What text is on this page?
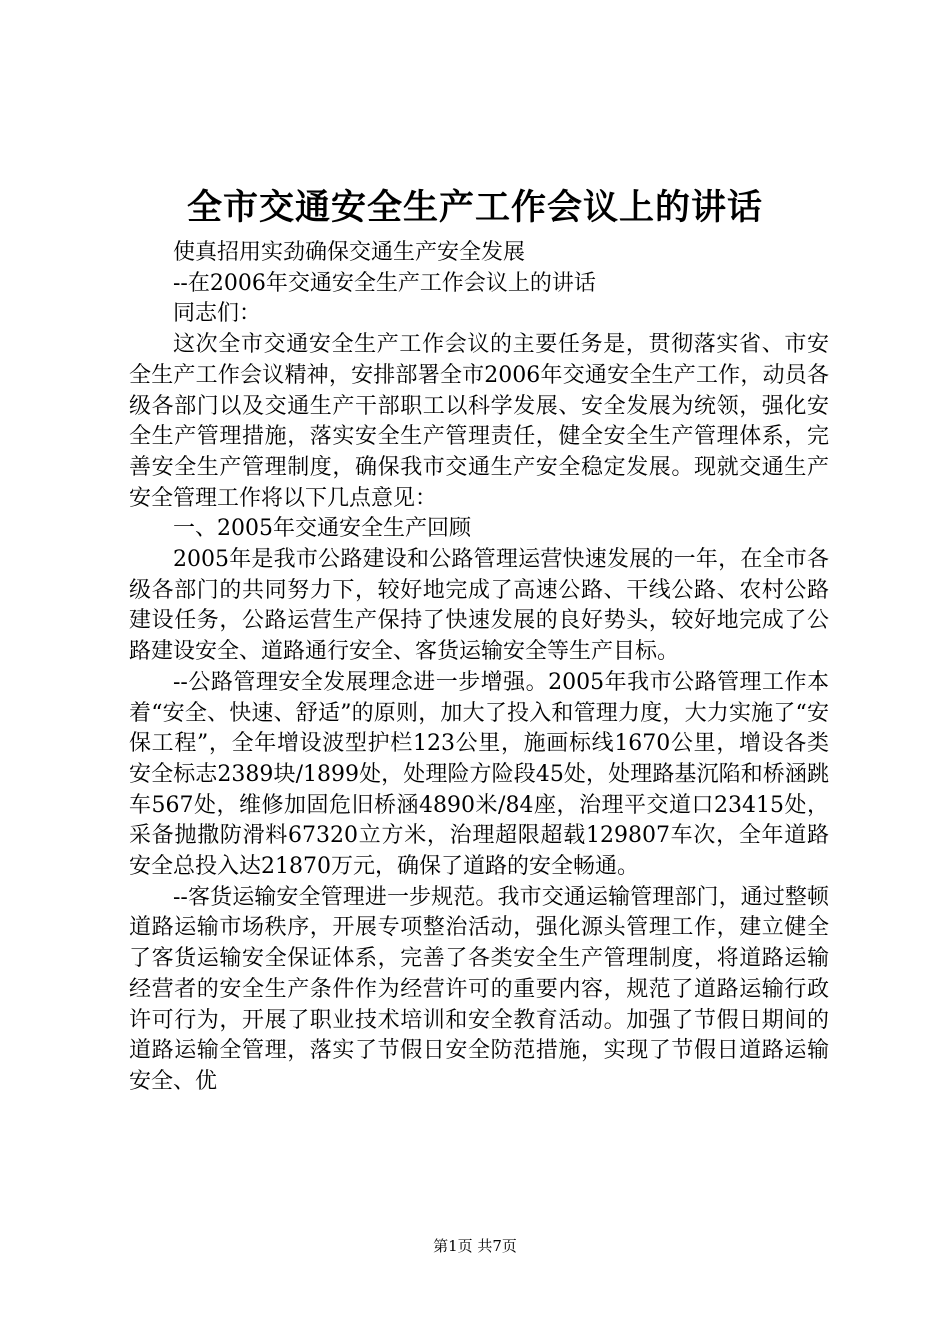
全市交通安全生产工作会议上的讲话

使真招用实劲确保交通生产安全发展

--在2006年交通安全生产工作会议上的讲话

同志们：

这次全市交通安全生产工作会议的主要任务是，贯彻落实省、市安全生产工作会议精神，安排部署全市2006年交通安全生产工作，动员各级各部门以及交通生产干部职工以科学发展、安全发展为统领，强化安全生产管理措施，落实安全生产管理责任，健全安全生产管理体系，完善安全生产管理制度，确保我市交通生产安全稳定发展。现就交通生产安全管理工作将以下几点意见：

一、2005年交通安全生产回顾

2005年是我市公路建设和公路管理运营快速发展的一年，在全市各级各部门的共同努力下，较好地完成了高速公路、干线公路、农村公路建设任务，公路运营生产保持了快速发展的良好势头，较好地完成了公路建设安全、道路通行安全、客货运输安全等生产目标。

--公路管理安全发展理念进一步增强。2005年我市公路管理工作本着“安全、快速、舒适”的原则，加大了投入和管理力度，大力实施了“安保工程”，全年增设波型护栏123公里，施画标线1670公里，增设各类安全标志2389块/1899处，处理险方险段45处，处理路基沉陷和桥涵跳车567处，维修加固危旧桥涵4890米/84座，治理平交道口23415处，采备抛撒防滑料67320立方米，治理超限超载129807车次，全年道路安全总投入达21870万元，确保了道路的安全畅通。

--客货运输安全管理进一步规范。我市交通运输管理部门，通过整顿道路运输市场秩序，开展专项整治活动，强化源头管理工作，建立健全了客货运输安全保证体系，完善了各类安全生产管理制度，将道路运输经营者的安全生产条件作为经营许可的重要内容，规范了道路运输行政许可行为，开展了职业技术培训和安全教育活动。加强了节假日期间的道路运输全管理，落实了节假日安全防范措施，实现了节假日道路运输安全、优

第1页 共7页
